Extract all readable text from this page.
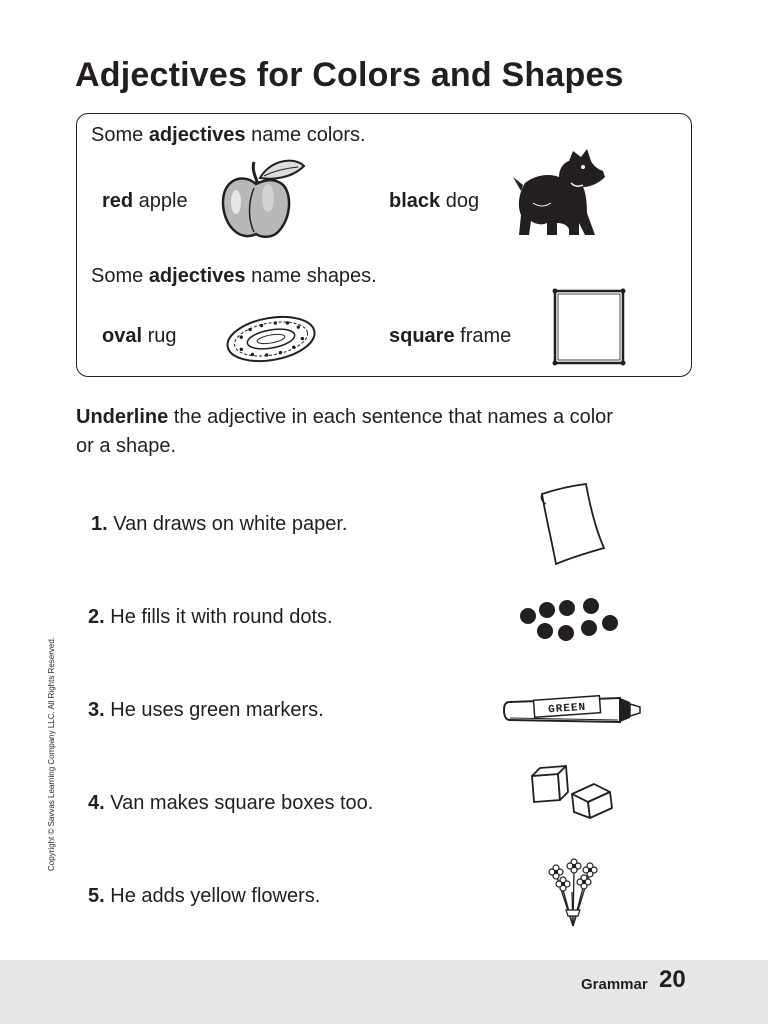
Adjectives for Colors and Shapes

Some adjectives name colors.

red apple	black dog

Some adjectives name shapes.

oval rug	square frame

Underline the adjective in each sentence that names a color

or a shape.

1. Van draws on white paper.

2. He fills it with round dots.

3. He uses green markers.

4. Van makes square boxes too.

5. He adds yellow flowers.

GREEN
Copyright © Savvas Learning Company LLC. All Rights Reserved.
Grammar 20
